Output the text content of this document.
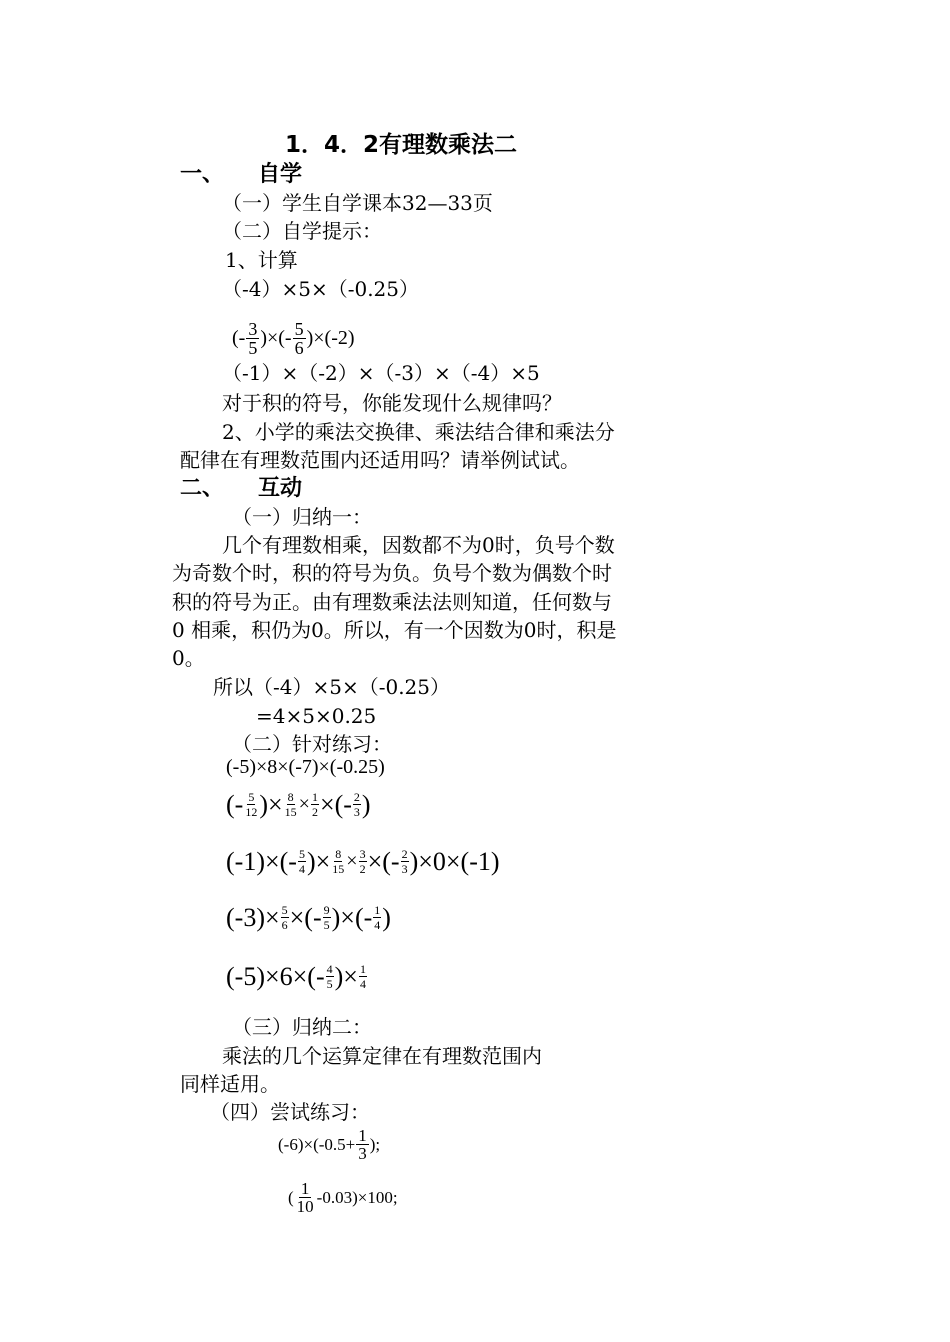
1．4．2有理数乘法二
一、 自学
（一）学生自学课本32—33页
（二）自学提示：
1、计算
（-4）×5×（-0.25）
(- 3
5 )×(- 5
6 )×(-2)
（-1）×（-2）×（-3）×（-4）×5
对于积的符号，你能发现什么规律吗？
2、小学的乘法交换律、乘法结合律和乘法分
配律在有理数范围内还适用吗？请举例试试。
二、 互动
（一）归纳一：
几个有理数相乘，因数都不为0时，负号个数
为奇数个时，积的符号为负。负号个数为偶数个时
积的符号为正。由有理数乘法法则知道，任何数与
0 相乘，积仍为0。所以，有一个因数为0时，积是
0。
所以（-4）×5×（-0.25）
=4×5×0.25
（二）针对练习：
(-5)×8×(-7)×(-0.25)
(- 5
12 )× $\frac{8}{15} \times \frac{1}{2}$ ×(- 2
3 )
(-1)×(- 5
4 )× $\frac{8}{15} \times \frac{3}{2}$ ×(- 2
3 )×0×(-1)
$(-3)\times \frac{5}{6}$ ×(- 9
5 )×(- 1
4 )
(-5)×6×(- 4
5 )× $\frac{1}{4}$
（三）归纳二：
乘法的几个运算定律在有理数范围内
同样适用。
（四）尝试练习：
$(-6)\times(-0.5+ \frac{1}{3}$ );
( 1
10 -0.03)×100;
